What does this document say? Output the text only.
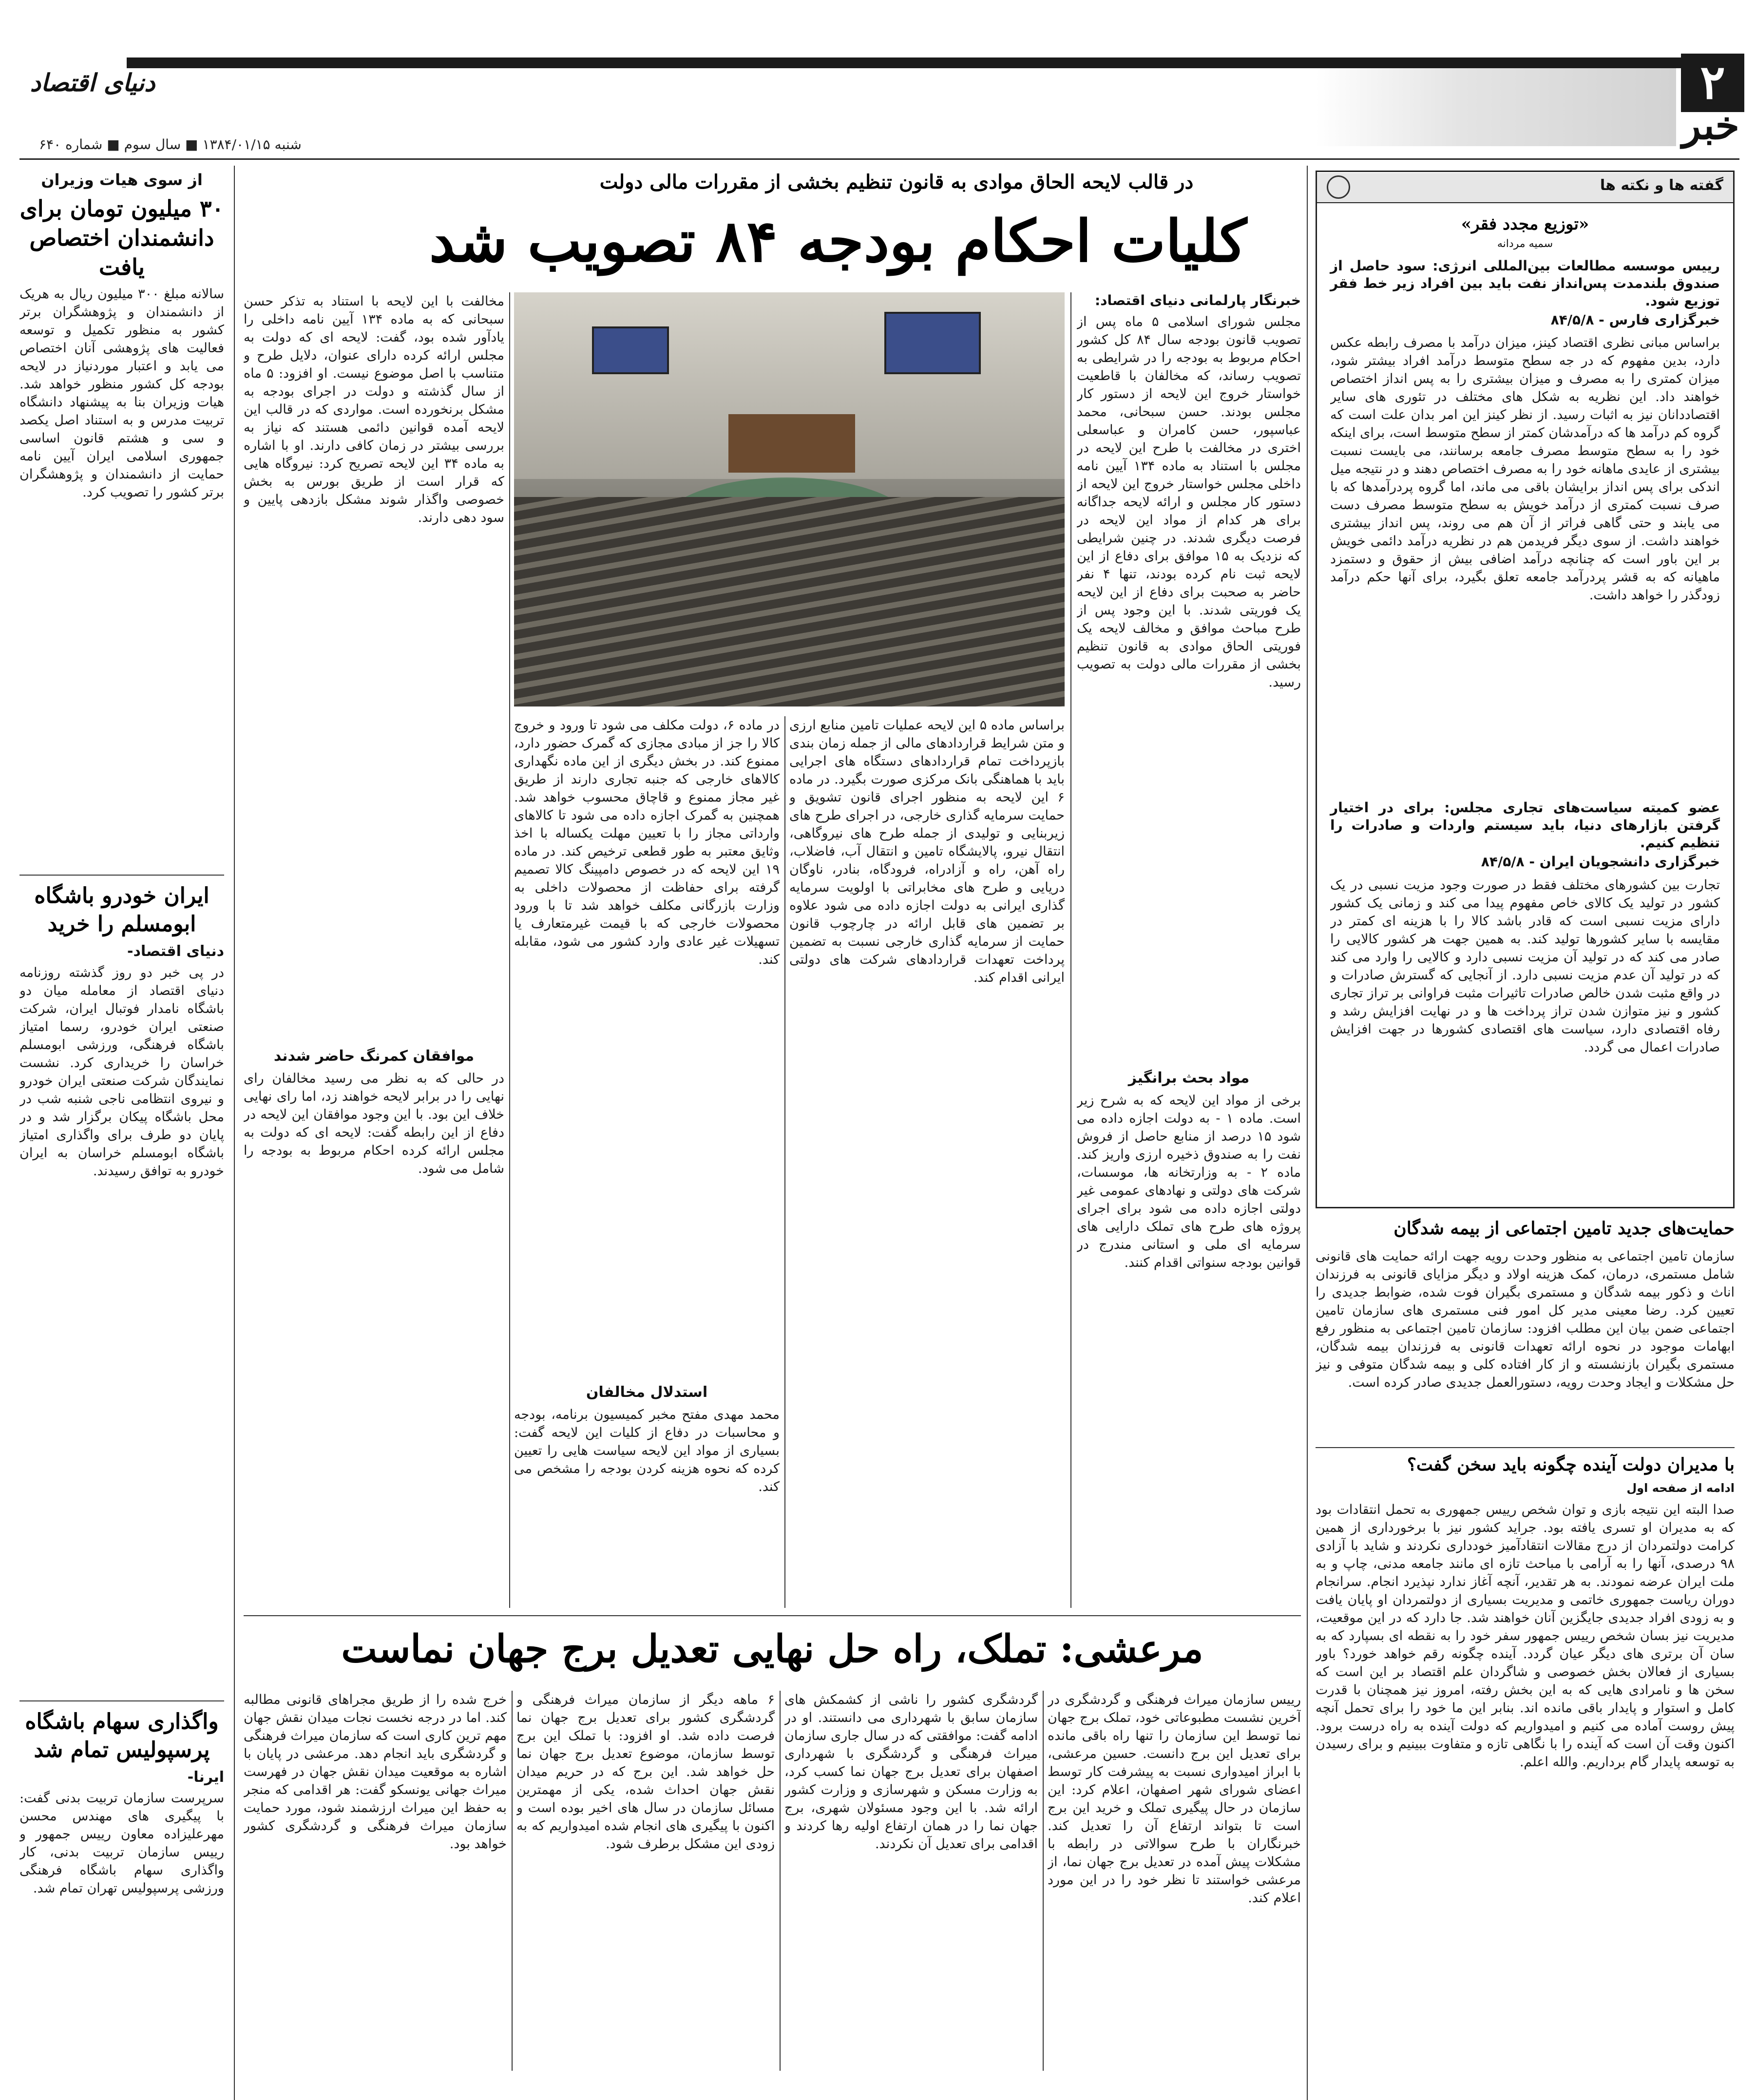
۲
دنیای اقتصاد
خبر
شنبه ۱۳۸۴/۰۱/۱۵ ■ سال سوم ■ شماره ۶۴۰
گفته ها و نکته ها
«توزیع مجدد فقر»
سمیه مردانه
رییس موسسه مطالعات بین‌المللی انرژی: سود حاصل از صندوق بلندمدت پس‌انداز نفت باید بین افراد زیر خط فقر توزیع شود.
خبرگزاری فارس - ۸۴/۵/۸
براساس مبانی نظری اقتصاد کینز، میزان درآمد با مصرف رابطه عکس دارد، بدین مفهوم که در جه سطح متوسط درآمد افراد بیشتر شود، میزان کمتری را به مصرف و میزان بیشتری را به پس انداز اختصاص خواهند داد. این نظریه به شکل های مختلف در تئوری های سایر اقتصاددانان نیز به اثبات رسید. از نظر کینز این امر بدان علت است که گروه کم درآمد ها که درآمدشان کمتر از سطح متوسط است، برای اینکه خود را به سطح متوسط مصرف جامعه برسانند، می بایست نسبت بیشتری از عایدی ماهانه خود را به مصرف اختصاص دهند و در نتیجه میل اندکی برای پس انداز برایشان باقی می ماند، اما گروه پردرآمدها که با صرف نسبت کمتری از درآمد خویش به سطح متوسط مصرف دست می یابند و حتی گاهی فراتر از آن هم می روند، پس انداز بیشتری خواهند داشت. از سوی دیگر فریدمن هم در نظریه درآمد دائمی خویش بر این باور است که چنانچه درآمد اضافی بیش از حقوق و دستمزد ماهیانه که به قشر پردرآمد جامعه تعلق بگیرد، برای آنها حکم درآمد زودگذر را خواهد داشت.
عضو کمیته سیاست‌های تجاری مجلس: برای در اختیار گرفتن بازارهای دنیا، باید سیستم واردات و صادرات را تنظیم کنیم.
خبرگزاری دانشجویان ایران - ۸۴/۵/۸
تجارت بین کشورهای مختلف فقط در صورت وجود مزیت نسبی در یک کشور در تولید یک کالای خاص مفهوم پیدا می کند و زمانی یک کشور دارای مزیت نسبی است که قادر باشد کالا را با هزینه ای کمتر در مقایسه با سایر کشورها تولید کند. به همین جهت هر کشور کالایی را صادر می کند که در تولید آن مزیت نسبی دارد و کالایی را وارد می کند که در تولید آن عدم مزیت نسبی دارد. از آنجایی که گسترش صادرات و در واقع مثبت شدن خالص صادرات تاثیرات مثبت فراوانی بر تراز تجاری کشور و نیز متوازن شدن تراز پرداخت ها و در نهایت افزایش رشد و رفاه اقتصادی دارد، سیاست های اقتصادی کشورها در جهت افزایش صادرات اعمال می گردد.
حمایت‌های جدید تامین اجتماعی از بیمه شدگان
سازمان تامین اجتماعی به منظور وحدت رویه جهت ارائه حمایت های قانونی شامل مستمری، درمان، کمک هزینه اولاد و دیگر مزایای قانونی به فرزندان اناث و ذکور بیمه شدگان و مستمری بگیران فوت شده، ضوابط جدیدی را تعیین کرد. رضا معینی مدیر کل امور فنی مستمری های سازمان تامین اجتماعی ضمن بیان این مطلب افزود: سازمان تامین اجتماعی به منظور رفع ابهامات موجود در نحوه ارائه تعهدات قانونی به فرزندان بیمه شدگان، مستمری بگیران بازنشسته و از کار افتاده کلی و بیمه شدگان متوفی و نیز حل مشکلات و ایجاد وحدت رویه، دستورالعمل جدیدی صادر کرده است.
با مدیران دولت آینده چگونه باید سخن گفت؟
ادامه از صفحه اول
صدا البته این نتیجه بازی و توان شخص رییس جمهوری به تحمل انتقادات بود که به مدیران او تسری یافته بود. جراید کشور نیز با برخورداری از همین کرامت دولتمردان از درج مقالات انتقادآمیز خودداری نکردند و شاید با آزادی ۹۸ درصدی، آنها را به آرامی با مباحث تازه ای مانند جامعه مدنی، چاپ و به ملت ایران عرضه نمودند. به هر تقدیر، آنچه آغاز ندارد نپذیرد انجام. سرانجام دوران ریاست جمهوری خاتمی و مدیریت بسیاری از دولتمردان او پایان یافت و به زودی افراد جدیدی جایگزین آنان خواهند شد. جا دارد که در این موقعیت، مدیریت نیز بسان شخص رییس جمهور سفر خود را به نقطه ای بسپارد که به سان آن برتری های دیگر عیان گردد. آینده چگونه رقم خواهد خورد؟ باور بسیاری از فعالان بخش خصوصی و شاگردان علم اقتصاد بر این است که سخن ها و نامرادی هایی که به این بخش رفته، امروز نیز همچنان با قدرت کامل و استوار و پایدار باقی مانده اند. بنابر این ما خود را برای تحمل آنچه پیش روست آماده می کنیم و امیدواریم که دولت آینده به راه درست برود. اکنون وقت آن است که آینده را با نگاهی تازه و متفاوت ببینیم و برای رسیدن به توسعه پایدار گام برداریم. والله اعلم.
در قالب لایحه الحاق موادی به قانون تنظیم بخشی از مقررات مالی دولت
کلیات احکام بودجه ۸۴ تصویب شد
خبرنگار پارلمانی دنیای اقتصاد:
مجلس شورای اسلامی ۵ ماه پس از تصویب قانون بودجه سال ۸۴ کل کشور احکام مربوط به بودجه را در شرایطی به تصویب رساند، که مخالفان با قاطعیت خواستار خروج این لایحه از دستور کار مجلس بودند. حسن سبحانی، محمد عباسپور، حسن کامران و عباسعلی اختری در مخالفت با طرح این لایحه در مجلس با استناد به ماده ۱۳۴ آیین نامه داخلی مجلس خواستار خروج این لایحه از دستور کار مجلس و ارائه لایحه جداگانه برای هر کدام از مواد این لایحه در فرصت دیگری شدند. در چنین شرایطی که نزدیک به ۱۵ موافق برای دفاع از این لایحه ثبت نام کرده بودند، تنها ۴ نفر حاضر به صحبت برای دفاع از این لایحه یک فوریتی شدند. با این وجود پس از طرح مباحث موافق و مخالف لایحه یک فوریتی الحاق موادی به قانون تنظیم بخشی از مقررات مالی دولت به تصویب رسید.
مواد بحث برانگیز
برخی از مواد این لایحه که به شرح زیر است. ماده ۱ - به دولت اجازه داده می شود ۱۵ درصد از منابع حاصل از فروش نفت را به صندوق ذخیره ارزی واریز کند. ماده ۲ - به وزارتخانه ها، موسسات، شرکت های دولتی و نهادهای عمومی غیر دولتی اجازه داده می شود برای اجرای پروژه های طرح های تملک دارایی های سرمایه ای ملی و استانی مندرج در قوانین بودجه سنواتی اقدام کنند.
براساس ماده ۵ این لایحه عملیات تامین منابع ارزی و متن شرایط قراردادهای مالی از جمله زمان بندی بازپرداخت تمام قراردادهای دستگاه های اجرایی باید با هماهنگی بانک مرکزی صورت بگیرد. در ماده ۶ این لایحه به منظور اجرای قانون تشویق و حمایت سرمایه گذاری خارجی، در اجرای طرح های زیربنایی و تولیدی از جمله طرح های نیروگاهی، انتقال نیرو، پالایشگاه تامین و انتقال آب، فاضلاب، راه آهن، راه و آزادراه، فرودگاه، بنادر، ناوگان دریایی و طرح های مخابراتی با اولویت سرمایه گذاری ایرانی به دولت اجازه داده می شود علاوه بر تضمین های قابل ارائه در چارچوب قانون حمایت از سرمایه گذاری خارجی نسبت به تضمین پرداخت تعهدات قراردادهای شرکت های دولتی ایرانی اقدام کند.
در ماده ۶، دولت مکلف می شود تا ورود و خروج کالا را جز از مبادی مجازی که گمرک حضور دارد، ممنوع کند. در بخش دیگری از این ماده نگهداری کالاهای خارجی که جنبه تجاری دارند از طریق غیر مجاز ممنوع و قاچاق محسوب خواهد شد. همچنین به گمرک اجازه داده می شود تا کالاهای وارداتی مجاز را با تعیین مهلت یکساله با اخذ وثایق معتبر به طور قطعی ترخیص کند. در ماده ۱۹ این لایحه که در خصوص دامپینگ کالا تصمیم گرفته برای حفاظت از محصولات داخلی به وزارت بازرگانی مکلف خواهد شد تا با ورود محصولات خارجی که با قیمت غیرمتعارف یا تسهیلات غیر عادی وارد کشور می شود، مقابله کند.
استدلال مخالفان
محمد مهدی مفتح مخبر کمیسیون برنامه، بودجه و محاسبات در دفاع از کلیات این لایحه گفت: بسیاری از مواد این لایحه سیاست هایی را تعیین کرده که نحوه هزینه کردن بودجه را مشخص می کند.
مخالفت با این لایحه با استناد به تذکر حسن سبحانی که به ماده ۱۳۴ آیین نامه داخلی را یادآور شده بود، گفت: لایحه ای که دولت به مجلس ارائه کرده دارای عنوان، دلایل طرح و متناسب با اصل موضوع نیست. او افزود: ۵ ماه از سال گذشته و دولت در اجرای بودجه به مشکل برنخورده است. مواردی که در قالب این لایحه آمده قوانین دائمی هستند که نیاز به بررسی بیشتر در زمان کافی دارند. او با اشاره به ماده ۳۴ این لایحه تصریح کرد: نیروگاه هایی که قرار است از طریق بورس به بخش خصوصی واگذار شوند مشکل بازدهی پایین و سود دهی دارند.
موافقان کمرنگ حاضر شدند
در حالی که به نظر می رسید مخالفان رای نهایی را در برابر لایحه خواهند زد، اما رای نهایی خلاف این بود. با این وجود موافقان این لایحه در دفاع از این رابطه گفت: لایحه ای که دولت به مجلس ارائه کرده احکام مربوط به بودجه را شامل می شود.
از سوی هیات وزیران
۳۰ میلیون تومان برای دانشمندان اختصاص یافت
سالانه مبلغ ۳۰۰ میلیون ریال به هریک از دانشمندان و پژوهشگران برتر کشور به منظور تکمیل و توسعه فعالیت های پژوهشی آنان اختصاص می یابد و اعتبار موردنیاز در لایحه بودجه کل کشور منظور خواهد شد. هیات وزیران بنا به پیشنهاد دانشگاه تربیت مدرس و به استناد اصل یکصد و سی و هشتم قانون اساسی جمهوری اسلامی ایران آیین نامه حمایت از دانشمندان و پژوهشگران برتر کشور را تصویب کرد.
ایران خودرو باشگاه ابومسلم را خرید
دنیای اقتصاد-
در پی خبر دو روز گذشته روزنامه دنیای اقتصاد از معامله میان دو باشگاه نامدار فوتبال ایران، شرکت صنعتی ایران خودرو، رسما امتیاز باشگاه فرهنگی، ورزشی ابومسلم خراسان را خریداری کرد. نشست نمایندگان شرکت صنعتی ایران خودرو و نیروی انتظامی ناجی شنبه شب در محل باشگاه پیکان برگزار شد و در پایان دو طرف برای واگذاری امتیاز باشگاه ابومسلم خراسان به ایران خودرو به توافق رسیدند.
واگذاری سهام باشگاه پرسپولیس تمام شد
ایرنا-
سرپرست سازمان تربیت بدنی گفت: با پیگیری های مهندس محسن مهرعلیزاده معاون رییس جمهور و رییس سازمان تربیت بدنی، کار واگذاری سهام باشگاه فرهنگی ورزشی پرسپولیس تهران تمام شد.
مرعشی: تملک، راه حل نهایی تعدیل برج جهان نماست
رییس سازمان میراث فرهنگی و گردشگری در آخرین نشست مطبوعاتی خود، تملک برج جهان نما توسط این سازمان را تنها راه باقی مانده برای تعدیل این برج دانست. حسین مرعشی، با ابراز امیدواری نسبت به پیشرفت کار توسط اعضای شورای شهر اصفهان، اعلام کرد: این سازمان در حال پیگیری تملک و خرید این برج است تا بتواند ارتفاع آن را تعدیل کند. خبرنگاران با طرح سوالاتی در رابطه با مشکلات پیش آمده در تعدیل برج جهان نما، از مرعشی خواستند تا نظر خود را در این مورد اعلام کند.
گردشگری کشور را ناشی از کشمکش های سازمان سابق با شهرداری می دانستند. او در ادامه گفت: موافقتی که در سال جاری سازمان میراث فرهنگی و گردشگری با شهرداری اصفهان برای تعدیل برج جهان نما کسب کرد، به وزارت مسکن و شهرسازی و وزارت کشور ارائه شد. با این وجود مسئولان شهری، برج جهان نما را در همان ارتفاع اولیه رها کردند و اقدامی برای تعدیل آن نکردند.
۶ ماهه دیگر از سازمان میراث فرهنگی و گردشگری کشور برای تعدیل برج جهان نما فرصت داده شد. او افزود: با تملک این برج توسط سازمان، موضوع تعدیل برج جهان نما حل خواهد شد. این برج که در حریم میدان نقش جهان احداث شده، یکی از مهمترین مسائل سازمان در سال های اخیر بوده است و اکنون با پیگیری های انجام شده امیدواریم که به زودی این مشکل برطرف شود.
خرج شده را از طریق مجراهای قانونی مطالبه کند. اما در درجه نخست نجات میدان نقش جهان مهم ترین کاری است که سازمان میراث فرهنگی و گردشگری باید انجام دهد. مرعشی در پایان با اشاره به موقعیت میدان نقش جهان در فهرست میراث جهانی یونسکو گفت: هر اقدامی که منجر به حفظ این میراث ارزشمند شود، مورد حمایت سازمان میراث فرهنگی و گردشگری کشور خواهد بود.
